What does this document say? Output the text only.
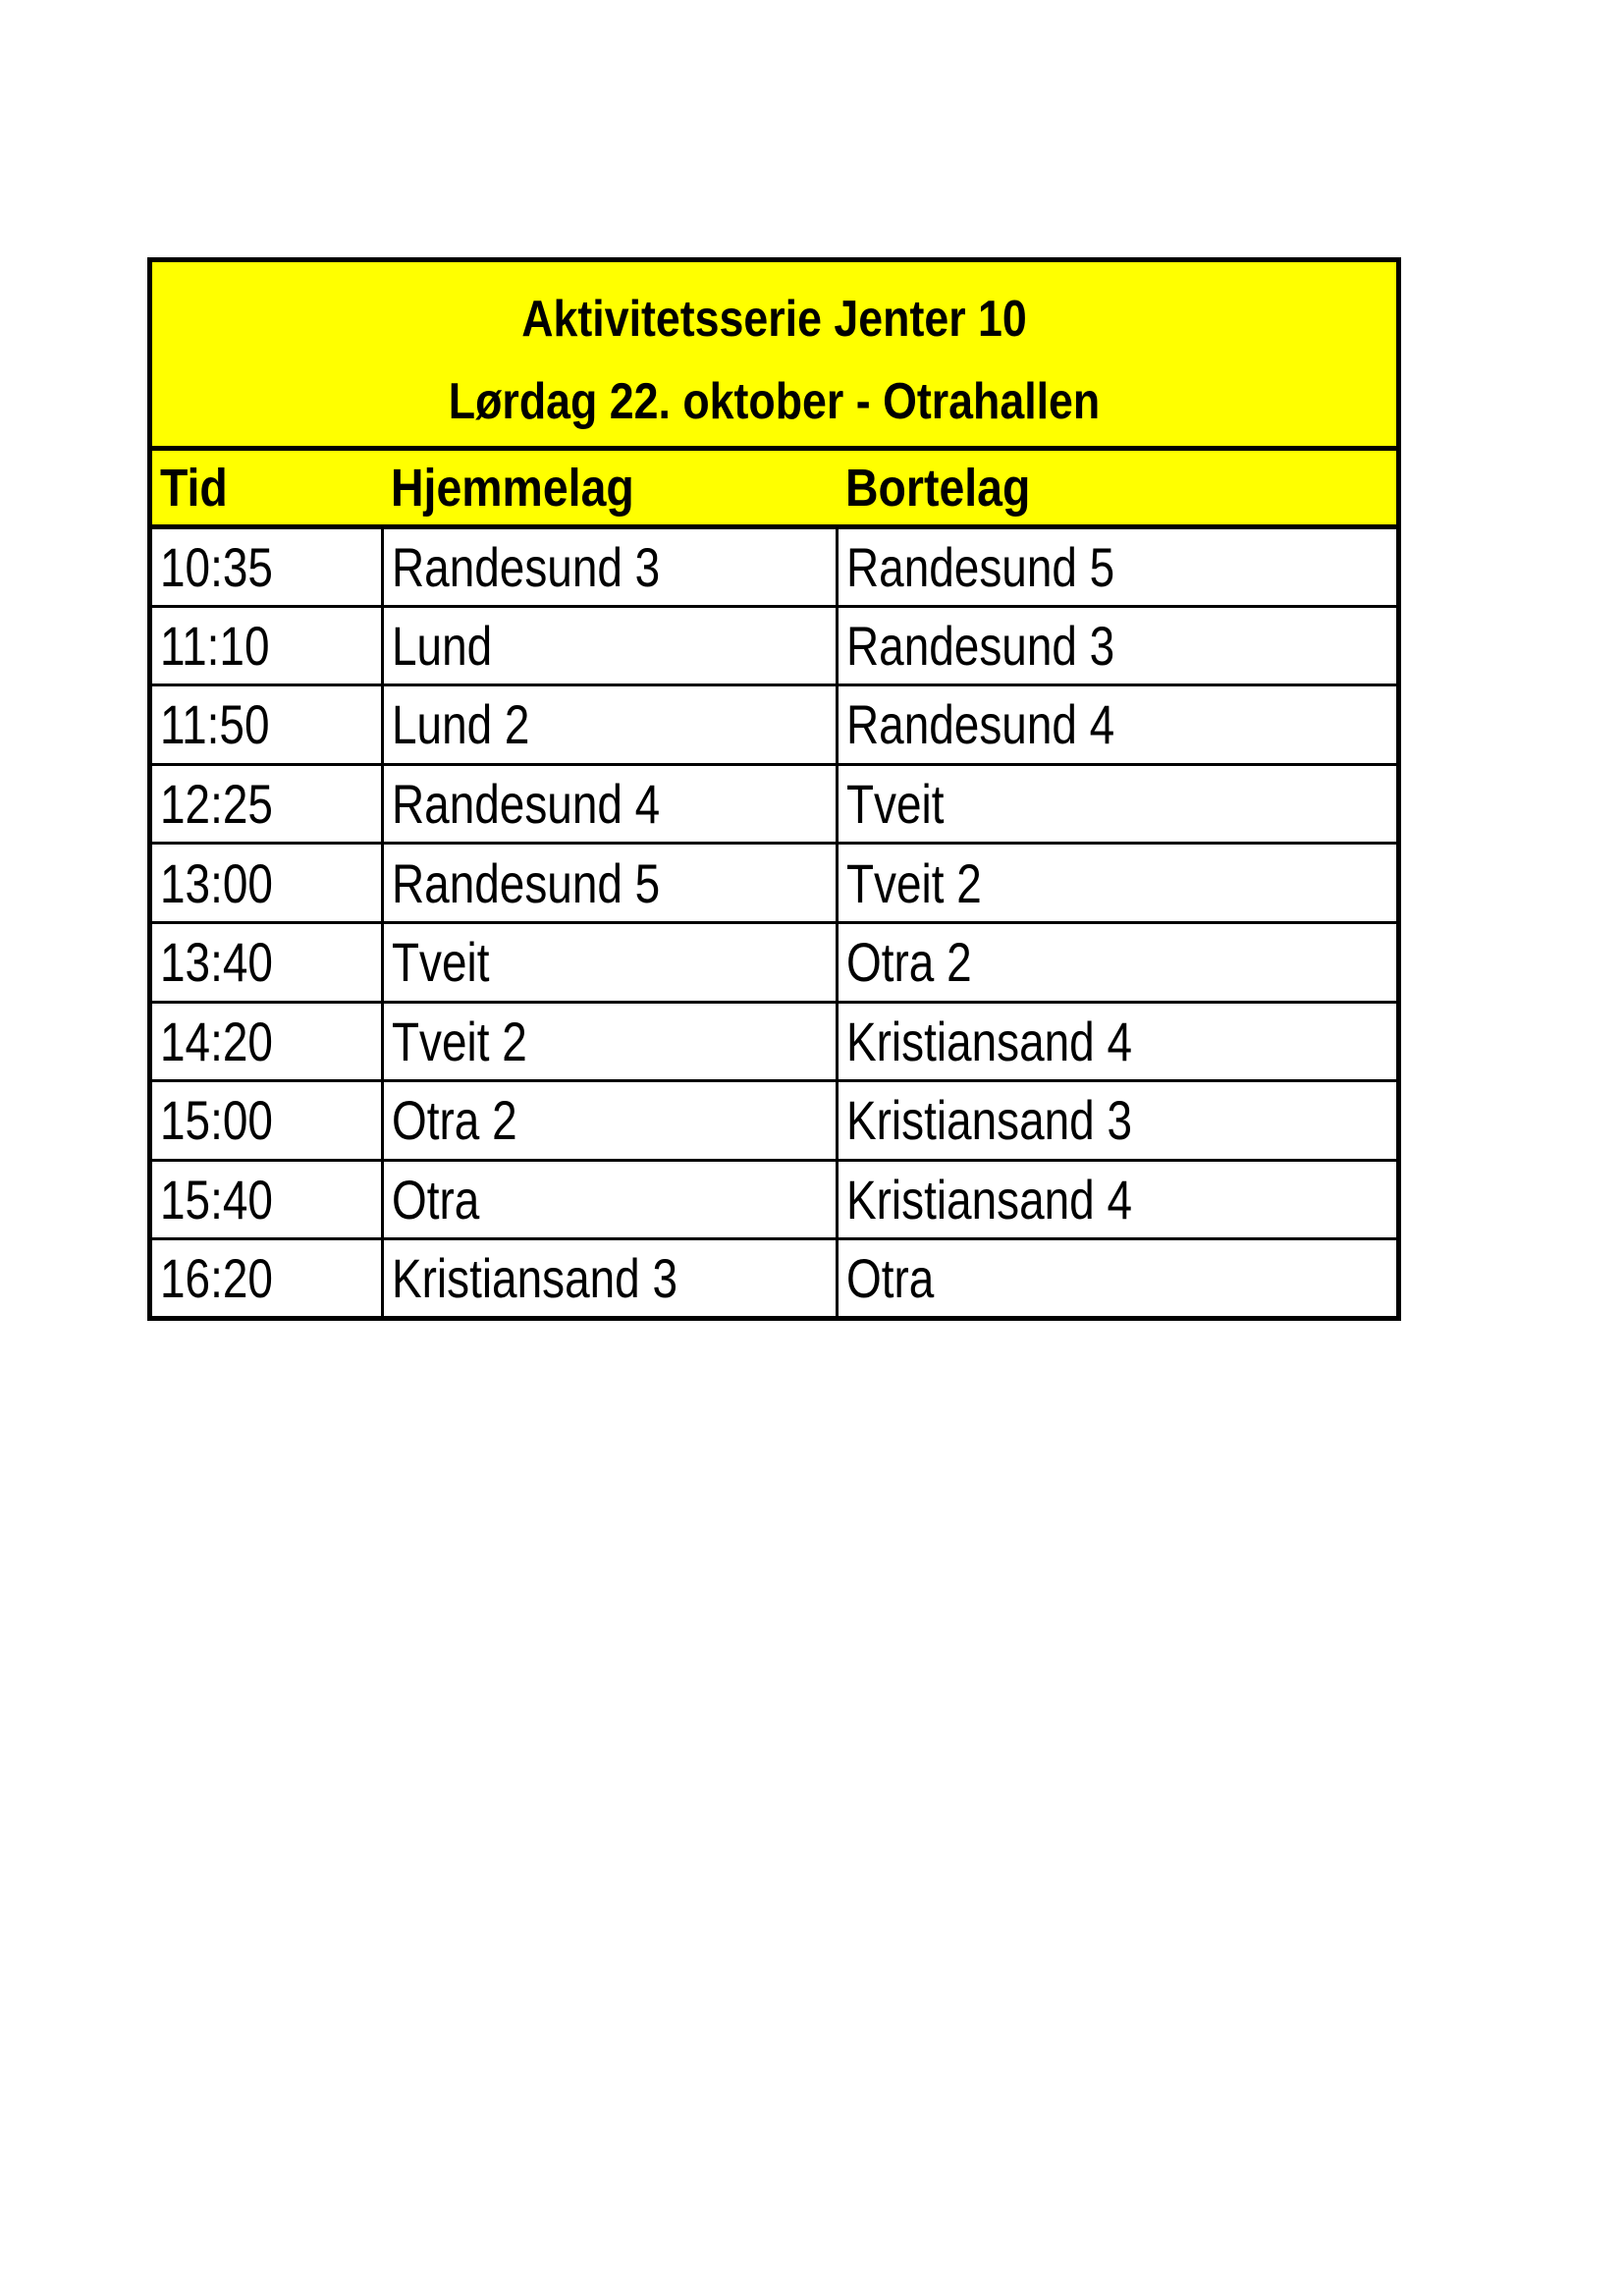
Aktivitetsserie Jenter 10
Lørdag 22. oktober - Otrahallen		

Tid	Hjemmelag	Bortelag
10:35	Randesund 3	Randesund 5
11:10	Lund	Randesund 3
11:50	Lund 2	Randesund 4
12:25	Randesund 4	Tveit
13:00	Randesund 5	Tveit 2
13:40	Tveit	Otra 2
14:20	Tveit 2	Kristiansand 4
15:00	Otra 2	Kristiansand 3
15:40	Otra	Kristiansand 4
16:20	Kristiansand 3	Otra
